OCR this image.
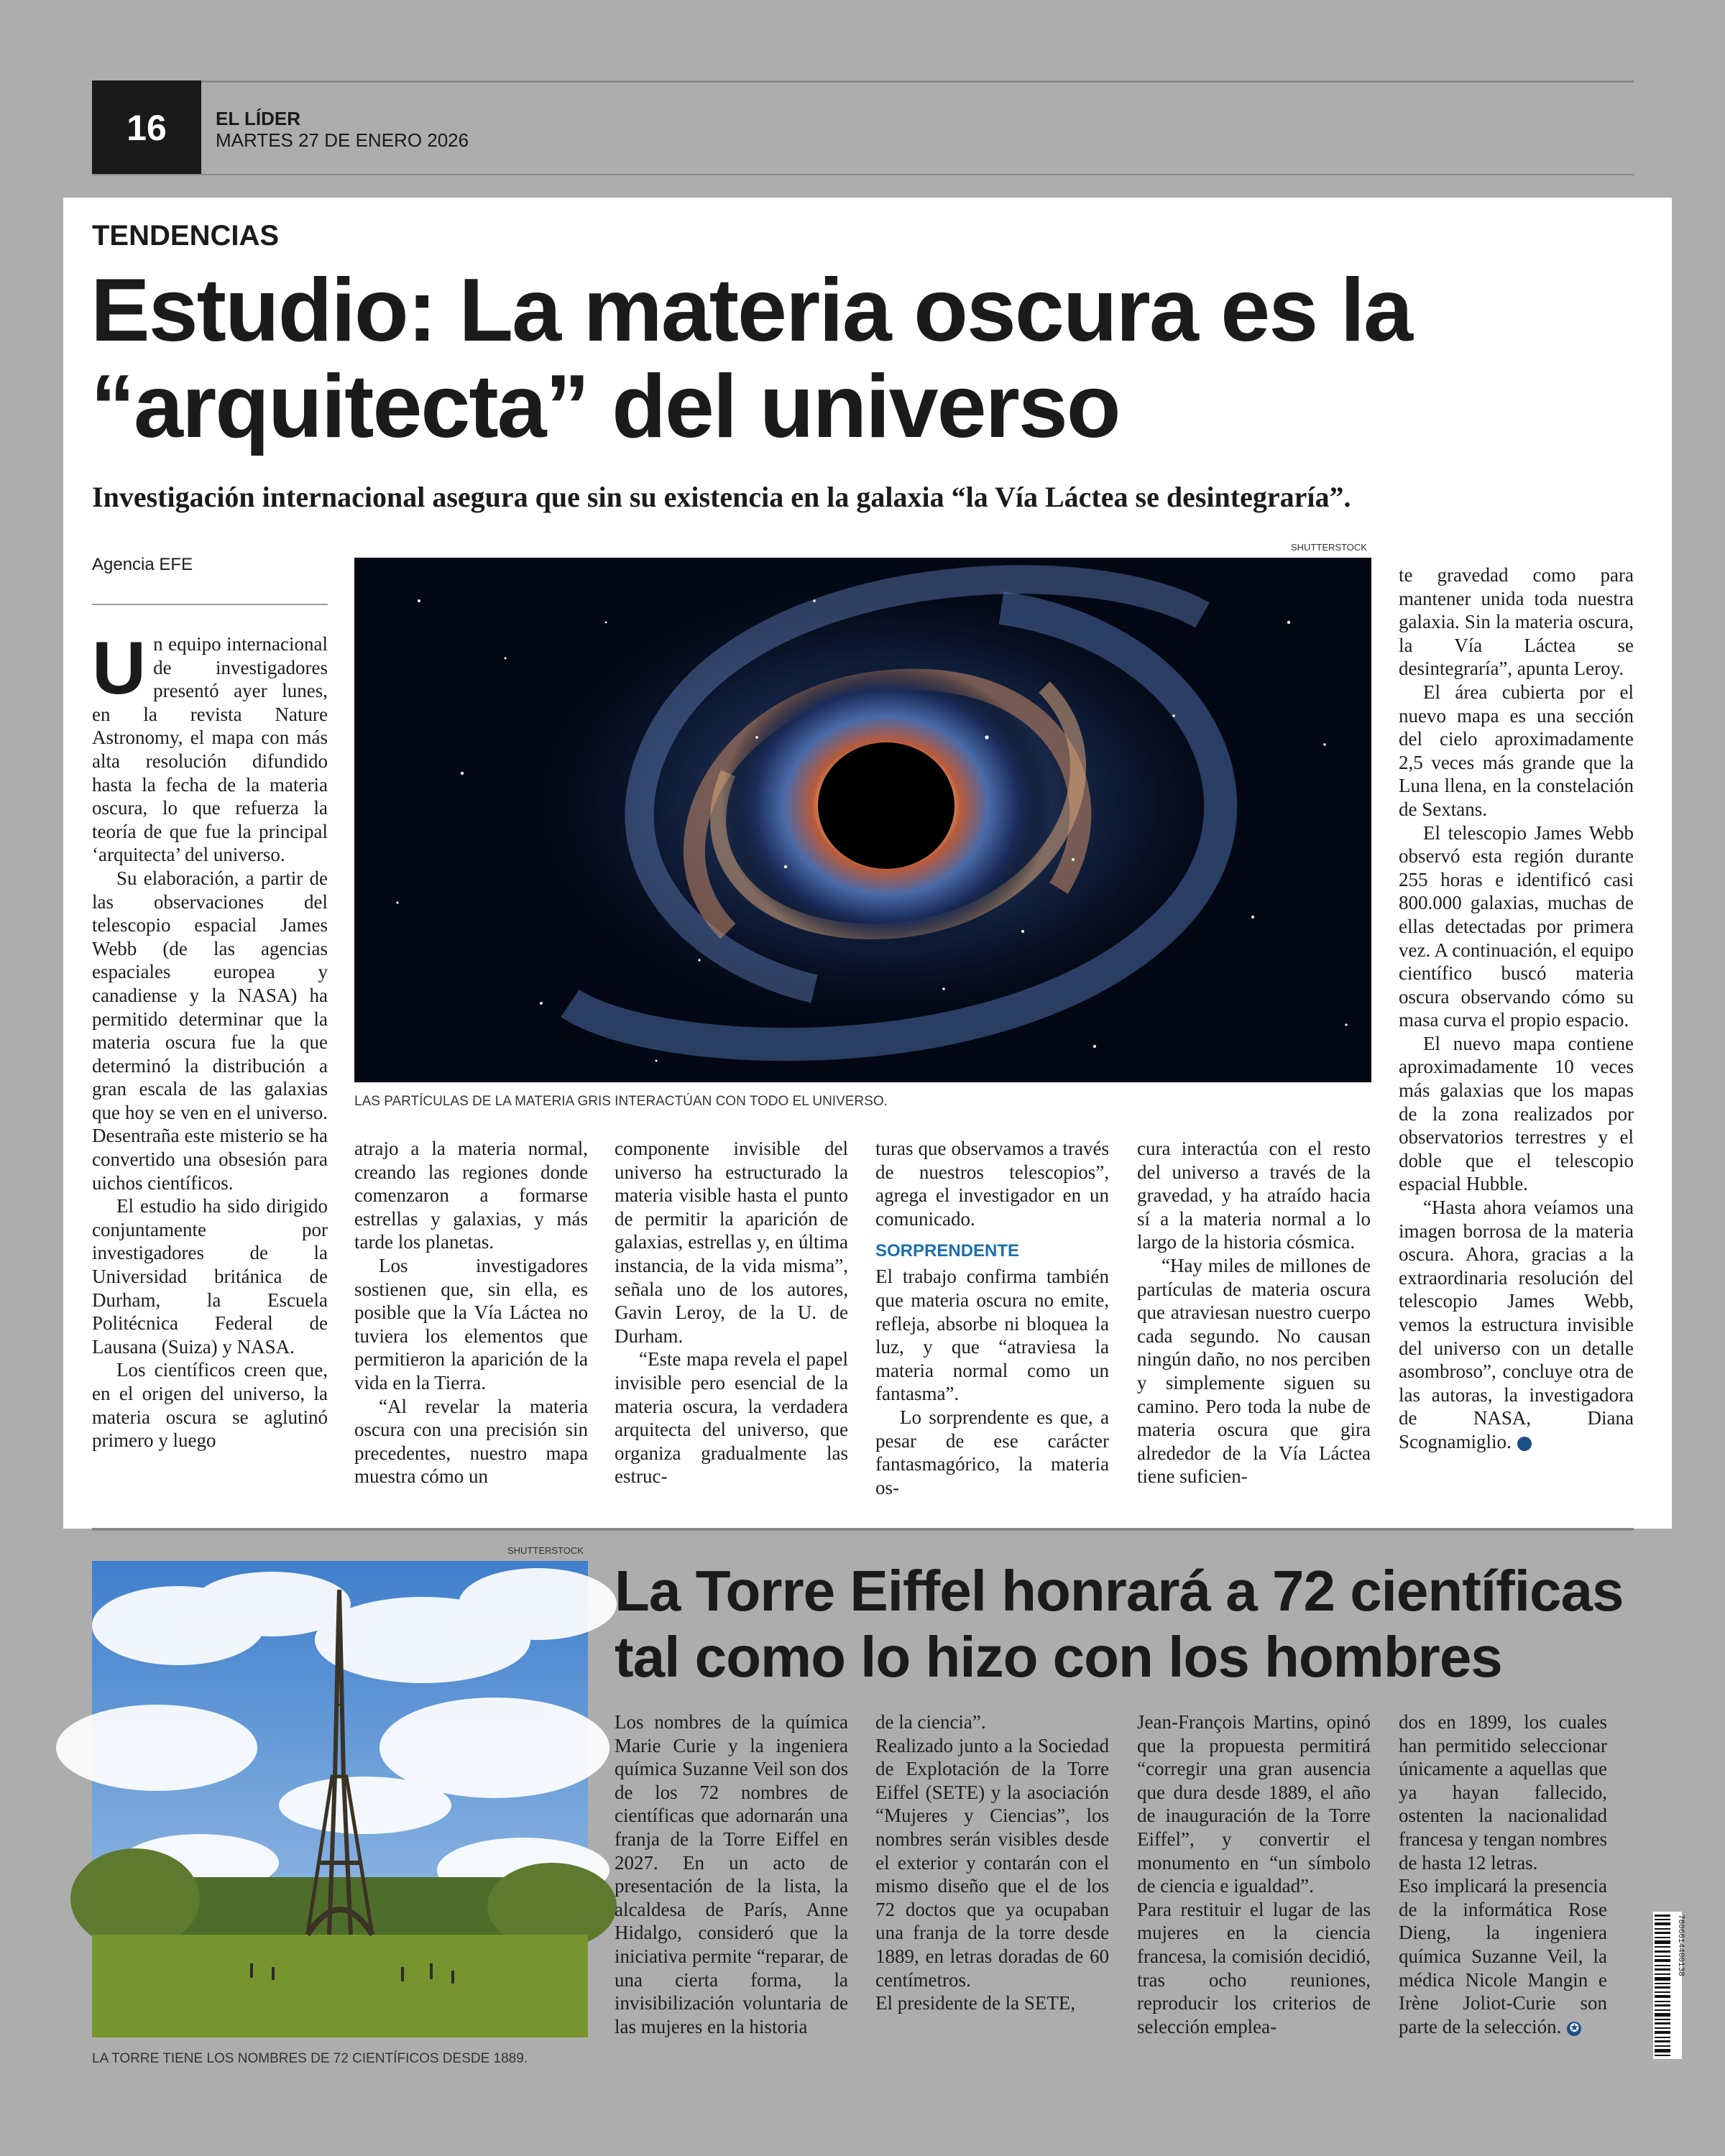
16	EL LÍDER
MARTES 27 DE ENERO 2026
TENDENCIAS
Estudio: La materia oscura es la “arquitecta” del universo
Investigación internacional asegura que sin su existencia en la galaxia “la Vía Láctea se desintegraría”.
Agencia EFE
SHUTTERSTOCK
LAS PARTÍCULAS DE LA MATERIA GRIS INTERACTÚAN CON TODO EL UNIVERSO.

Un equipo internacional de investigadores presentó ayer lunes, en la revista Nature Astronomy, el mapa con más alta resolución difundido hasta la fecha de la materia oscura, lo que refuerza la teoría de que fue la principal ‘arquitecta’ del universo.

Su elaboración, a partir de las observaciones del telescopio espacial James Webb (de las agencias espaciales europea y canadiense y la NASA) ha permitido determinar que la materia oscura fue la que determinó la distribución a gran escala de las galaxias que hoy se ven en el universo. Desentraña este misterio se ha convertido una obsesión para uichos científicos.

El estudio ha sido dirigido conjuntamente por investigadores de la Universidad británica de Durham, la Escuela Politécnica Federal de Lausana (Suiza) y NASA.

Los científicos creen que, en el origen del universo, la materia oscura se aglutinó primero y luego

atrajo a la materia normal, creando las regiones donde comenzaron a formarse estrellas y galaxias, y más tarde los planetas.

Los investigadores sostienen que, sin ella, es posible que la Vía Láctea no tuviera los elementos que permitieron la aparición de la vida en la Tierra.

“Al revelar la materia oscura con una precisión sin precedentes, nuestro mapa muestra cómo un

componente invisible del universo ha estructurado la materia visible hasta el punto de permitir la aparición de galaxias, estrellas y, en última instancia, de la vida misma”, señala uno de los autores, Gavin Leroy, de la U. de Durham.

“Este mapa revela el papel invisible pero esencial de la materia oscura, la verdadera arquitecta del universo, que organiza gradualmente las estruc-

turas que observamos a través de nuestros telescopios”, agrega el investigador en un comunicado.

SORPRENDENTE

El trabajo confirma también que materia oscura no emite, refleja, absorbe ni bloquea la luz, y que “atraviesa la materia normal como un fantasma”.

Lo sorprendente es que, a pesar de ese carácter fantasmagórico, la materia os-

cura interactúa con el resto del universo a través de la gravedad, y ha atraído hacia sí a la materia normal a lo largo de la historia cósmica.

“Hay miles de millones de partículas de materia oscura que atraviesan nuestro cuerpo cada segundo. No causan ningún daño, no nos perciben y simplemente siguen su camino. Pero toda la nube de materia oscura que gira alrededor de la Vía Láctea tiene suficien-

te gravedad como para mantener unida toda nuestra galaxia. Sin la materia oscura, la Vía Láctea se desintegraría”, apunta Leroy.

El área cubierta por el nuevo mapa es una sección del cielo aproximadamente 2,5 veces más grande que la Luna llena, en la constelación de Sextans.

El telescopio James Webb observó esta región durante 255 horas e identificó casi 800.000 galaxias, muchas de ellas detectadas por primera vez. A continuación, el equipo científico buscó materia oscura observando cómo su masa curva el propio espacio.

El nuevo mapa contiene aproximadamente 10 veces más galaxias que los mapas de la zona realizados por observatorios terrestres y el doble que el telescopio espacial Hubble.

“Hasta ahora veíamos una imagen borrosa de la materia oscura. Ahora, gracias a la extraordinaria resolución del telescopio James Webb, vemos la estructura invisible del universo con un detalle asombroso”, concluye otra de las autoras, la investigadora de NASA, Diana Scognamiglio.	✪

SHUTTERSTOCK
LA TORRE TIENE LOS NOMBRES DE 72 CIENTÍFICOS DESDE 1889.
La Torre Eiffel honrará a 72 científicas tal como lo hizo con los hombres

Los nombres de la química Marie Curie y la ingeniera química Suzanne Veil son dos de los 72 nombres de científicas que adornarán una franja de la Torre Eiffel en 2027. En un acto de presentación de la lista, la alcaldesa de París, Anne Hidalgo, consideró que la iniciativa permite “reparar, de una cierta forma, la invisibilización voluntaria de las mujeres en la historia

de la ciencia”.

Realizado junto a la Sociedad de Explotación de la Torre Eiffel (SETE) y la asociación “Mujeres y Ciencias”, los nombres serán visibles desde el exterior y contarán con el mismo diseño que el de los 72 doctos que ya ocupaban una franja de la torre desde 1889, en letras doradas de 60 centímetros.

El presidente de la SETE,

Jean-François Martins, opinó que la propuesta permitirá “corregir una gran ausencia que dura desde 1889, el año de inauguración de la Torre Eiffel”, y convertir el monumento en “un símbolo de ciencia e igualdad”.

Para restituir el lugar de las mujeres en la ciencia francesa, la comisión decidió, tras ocho reuniones, reproducir los criterios de selección emplea-

dos en 1899, los cuales han permitido seleccionar únicamente a aquellas que ya hayan fallecido, ostenten la nacionalidad francesa y tengan nombres de hasta 12 letras.

Eso implicará la presencia de la informática Rose Dieng, la ingeniera química Suzanne Veil, la médica Nicole Mangin e Irène Joliot-Curie son parte de la selección. ✪

7806614400138
